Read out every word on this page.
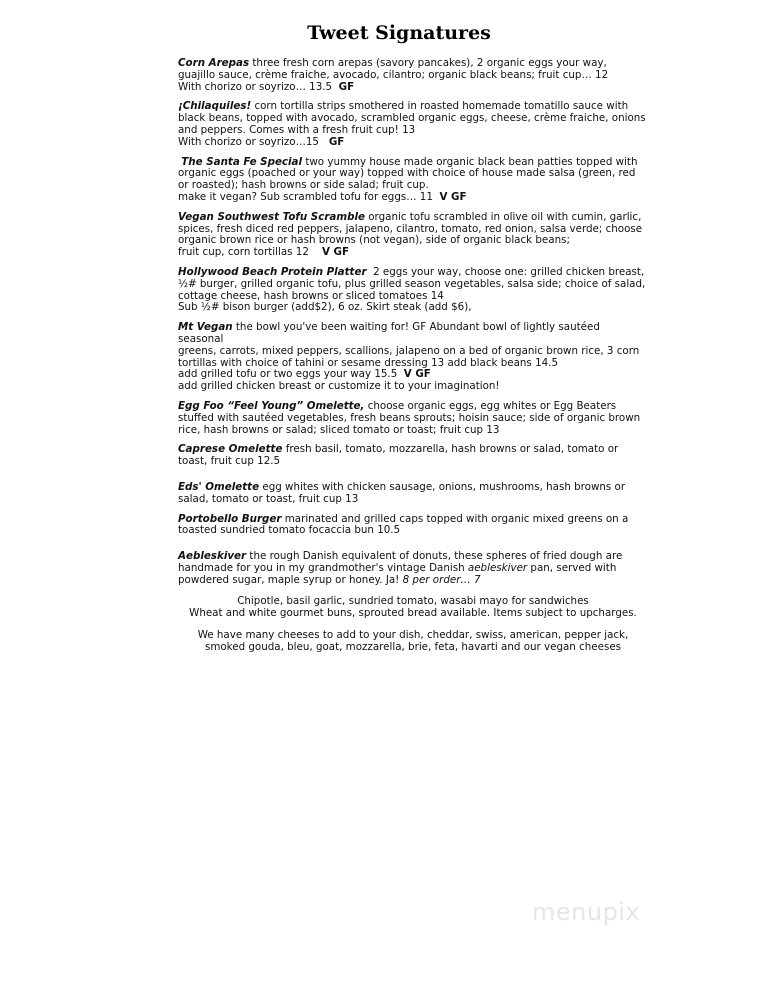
Tweet Signatures

Corn Arepas three fresh corn arepas (savory pancakes), 2 organic eggs your way,

guajillo sauce, crème fraiche, avocado, cilantro; organic black beans; fruit cup… 12

With chorizo or soyrizo… 13.5 GF

¡Chilaquiles! corn tortilla strips smothered in roasted homemade tomatillo sauce with

black beans, topped with avocado, scrambled organic eggs, cheese, crème fraiche, onions

and peppers. Comes with a fresh fruit cup! 13

With chorizo or soyrizo…15 GF

The Santa Fe Special two yummy house made organic black bean patties topped with

organic eggs (poached or your way) topped with choice of house made salsa (green, red

or roasted); hash browns or side salad; fruit cup.

make it vegan? Sub scrambled tofu for eggs… 11 V GF

Vegan Southwest Tofu Scramble organic tofu scrambled in olive oil with cumin, garlic,

spices, fresh diced red peppers, jalapeno, cilantro, tomato, red onion, salsa verde; choose

organic brown rice or hash browns (not vegan), side of organic black beans;

fruit cup, corn tortillas 12 V GF

Hollywood Beach Protein Platter 2 eggs your way, choose one: grilled chicken breast,

½# burger, grilled organic tofu, plus grilled season vegetables, salsa side; choice of salad,

cottage cheese, hash browns or sliced tomatoes 14

Sub ½# bison burger (add$2), 6 oz. Skirt steak (add $6),

Mt Vegan the bowl you've been waiting for! GF Abundant bowl of lightly sautéed seasonal

greens, carrots, mixed peppers, scallions, jalapeno on a bed of organic brown rice, 3 corn

tortillas with choice of tahini or sesame dressing 13 add black beans 14.5

add grilled tofu or two eggs your way 15.5 V GF

add grilled chicken breast or customize it to your imagination!

Egg Foo “Feel Young” Omelette, choose organic eggs, egg whites or Egg Beaters

stuffed with sautéed vegetables, fresh beans sprouts; hoisin sauce; side of organic brown

rice, hash browns or salad; sliced tomato or toast; fruit cup 13

Caprese Omelette fresh basil, tomato, mozzarella, hash browns or salad, tomato or

toast, fruit cup 12.5

Eds' Omelette egg whites with chicken sausage, onions, mushrooms, hash browns or

salad, tomato or toast, fruit cup 13

Portobello Burger marinated and grilled caps topped with organic mixed greens on a

toasted sundried tomato focaccia bun 10.5

Aebleskiver the rough Danish equivalent of donuts, these spheres of fried dough are

handmade for you in my grandmother's vintage Danish aebleskiver pan, served with

powdered sugar, maple syrup or honey. Ja! 8 per order… 7

Chipotle, basil garlic, sundried tomato, wasabi mayo for sandwiches

Wheat and white gourmet buns, sprouted bread available. Items subject to upcharges.

We have many cheeses to add to your dish, cheddar, swiss, american, pepper jack,

smoked gouda, bleu, goat, mozzarella, brie, feta, havarti and our vegan cheeses

menupix
